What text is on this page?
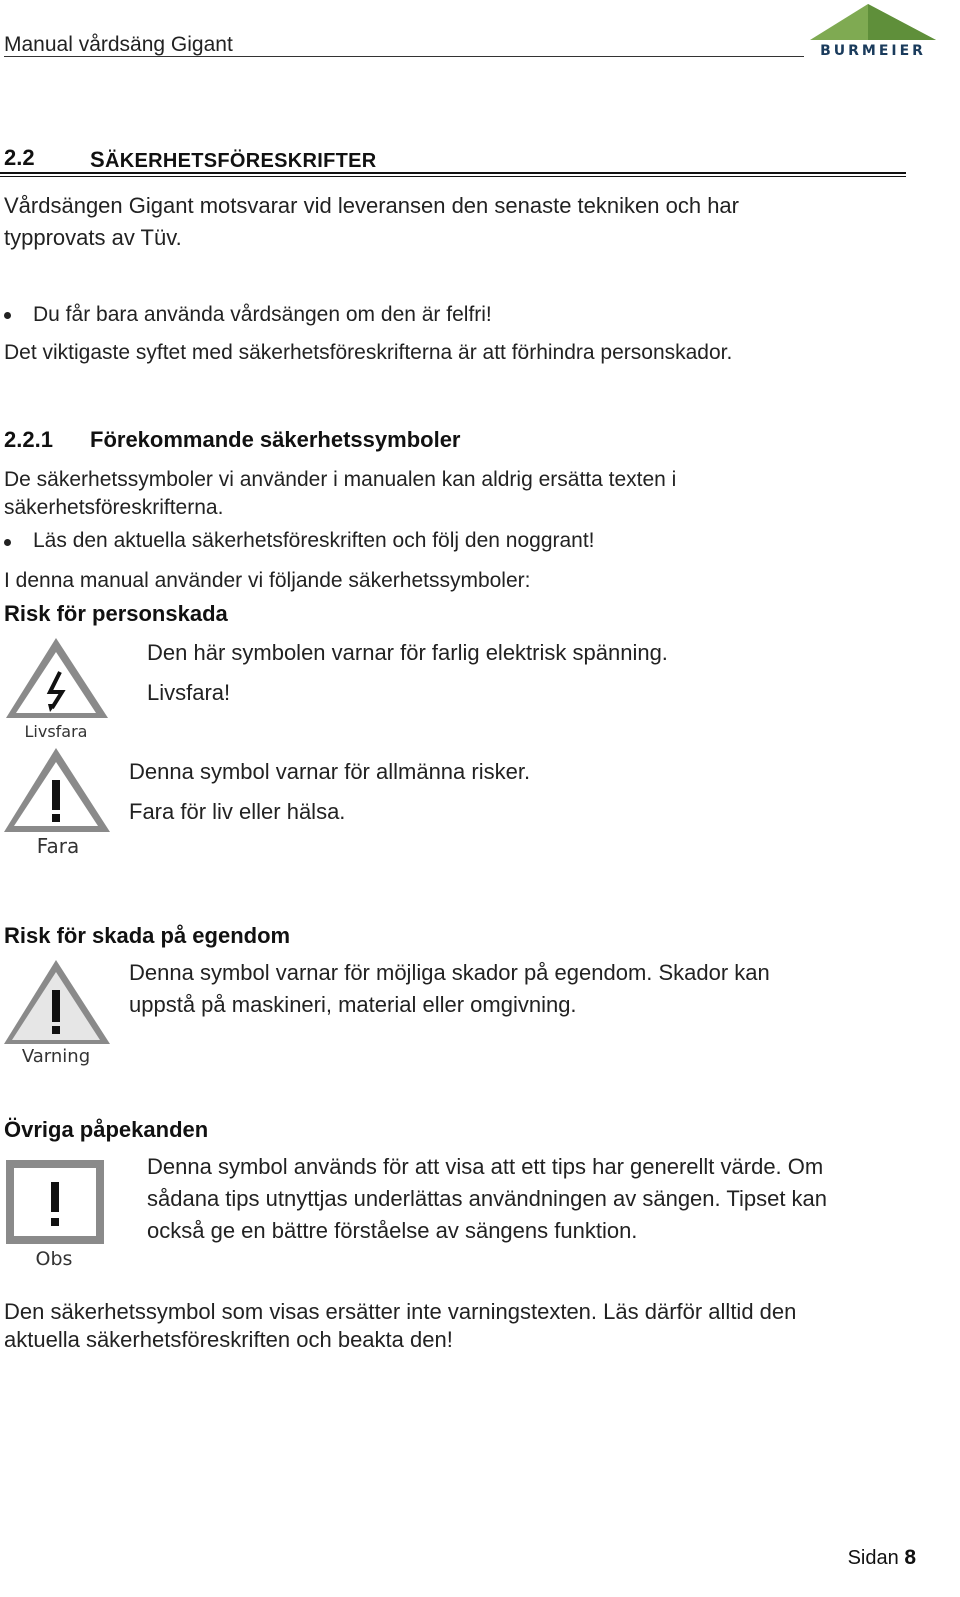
Manual vårdsäng Gigant	BURMEIER
2.2	SÄKERHETSFÖRESKRIFTER
Vårdsängen Gigant motsvarar vid leveransen den senaste tekniken och har
typprovats av Tüv.
Du får bara använda vårdsängen om den är felfri!
Det viktigaste syftet med säkerhetsföreskrifterna är att förhindra personskador.
2.2.1 Förekommande säkerhetssymboler
De säkerhetssymboler vi använder i manualen kan aldrig ersätta texten i
säkerhetsföreskrifterna.
Läs den aktuella säkerhetsföreskriften och följ den noggrant!
I denna manual använder vi följande säkerhetssymboler:
Risk för personskada
Livsfara
Den här symbolen varnar för farlig elektrisk spänning.
Livsfara!
Fara
Denna symbol varnar för allmänna risker.
Fara för liv eller hälsa.
Risk för skada på egendom
Varning
Denna symbol varnar för möjliga skador på egendom. Skador kan
uppstå på maskineri, material eller omgivning.
Övriga påpekanden
Obs
Denna symbol används för att visa att ett tips har generellt värde. Om
sådana tips utnyttjas underlättas användningen av sängen. Tipset kan
också ge en bättre förståelse av sängens funktion.
Den säkerhetssymbol som visas ersätter inte varningstexten. Läs därför alltid den
aktuella säkerhetsföreskriften och beakta den!
Sidan 8
